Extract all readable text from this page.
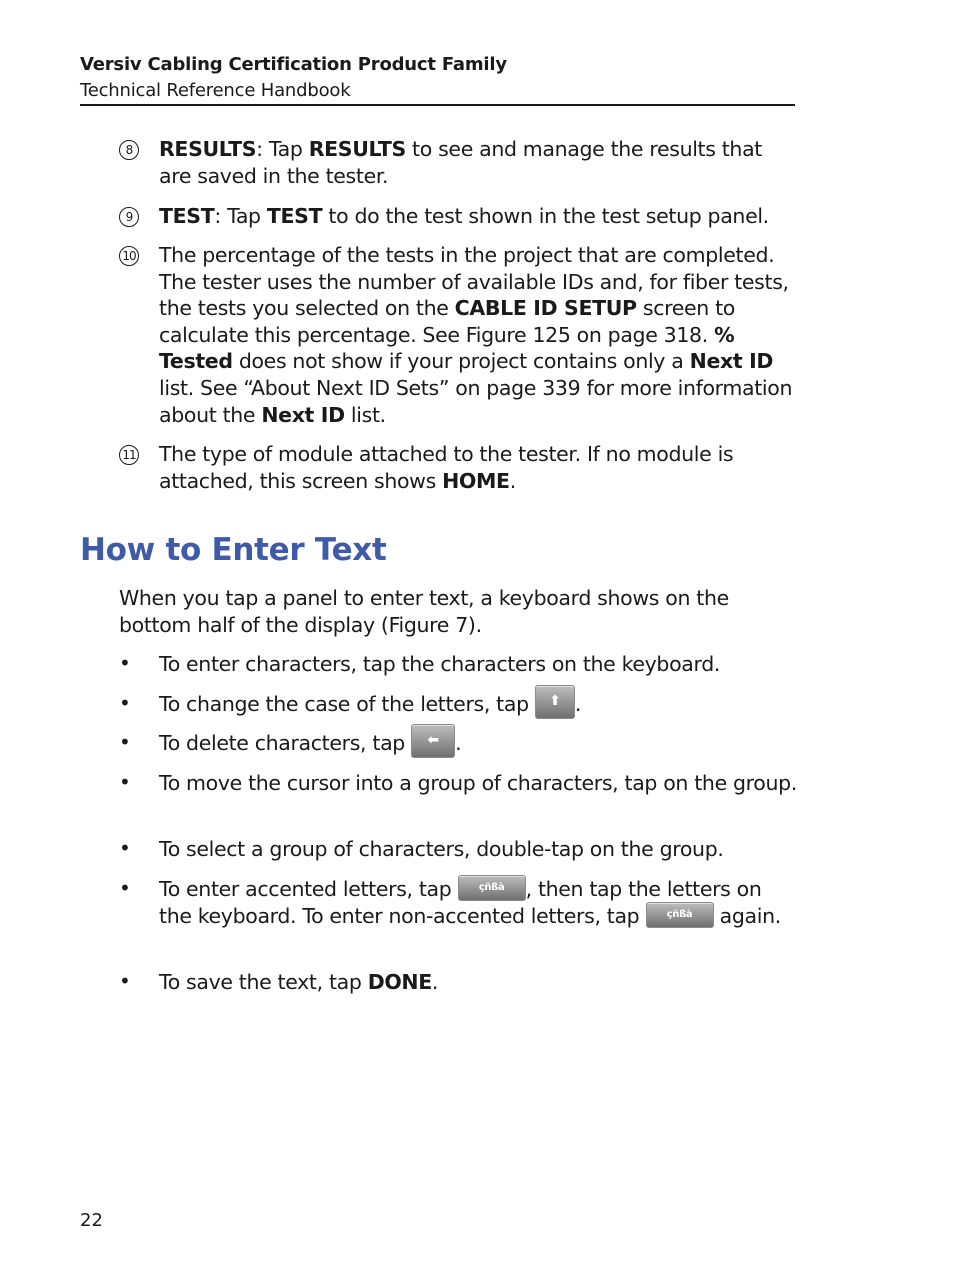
Versiv Cabling Certification Product Family
Technical Reference Handbook
8	RESULTS: Tap RESULTS to see and manage the results that are saved in the tester.
9	TEST: Tap TEST to do the test shown in the test setup panel.
10 The percentage of the tests in the project that are completed. The tester uses the number of available IDs and, for fiber tests, the tests you selected on the CABLE ID SETUP screen to calculate this percentage. See Figure 125 on page 318. % Tested does not show if your project contains only a Next ID list. See “About Next ID Sets” on page 339 for more information about the Next ID list.
11 The type of module attached to the tester. If no module is attached, this screen shows HOME.
How to Enter Text
When you tap a panel to enter text, a keyboard shows on the bottom half of the display (Figure 7).
• To enter characters, tap the characters on the keyboard.
• To change the case of the letters, tap ⬆ .
• To delete characters, tap ⬅ .
• To move the cursor into a group of characters, tap on the group.
• To select a group of characters, double-tap on the group.
• To enter accented letters, tap çñßà , then tap the letters on the keyboard. To enter non-accented letters, tap çñßà again.
• To save the text, tap DONE.
22
